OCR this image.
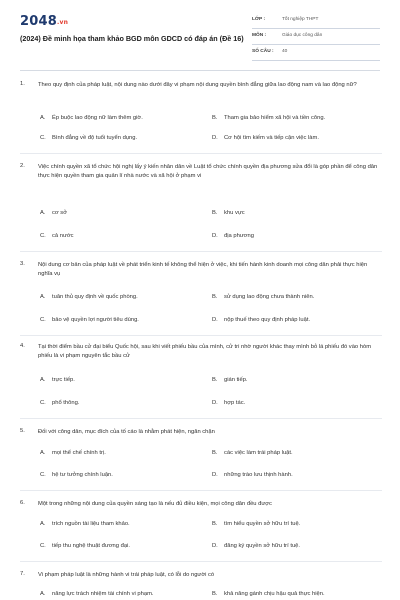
2048.vn
(2024) Đề minh họa tham khảo BGD môn GDCD có đáp án (Đề 16)
LỚP :	Tốt nghiệp THPT
MÔN :	Giáo dục công dân
SỐ CÂU : 40
1. Theo quy định của pháp luật, nội dung nào dưới đây vi phạm nội dung quyền bình đẳng giữa lao động nam và lao động nữ?
A. Ép buộc lao động nữ làm thêm giờ.	B. Tham gia bảo hiểm xã hội và tiền công.
C. Bình đẳng về độ tuổi tuyển dụng.	D. Cơ hội tìm kiếm và tiếp cận việc làm.
2. Việc chính quyền xã tổ chức hội nghị lấy ý kiến nhân dân về Luật tổ chức chính quyền địa phương sửa đổi là góp phần để công dân thực hiện quyền tham gia quản lí nhà nước và xã hội ở phạm vi
A. cơ sở	B. khu vực
C. cả nước	D. địa phương
3. Nội dung cơ bản của pháp luật về phát triển kinh tế không thể hiện ở việc, khi tiến hành kinh doanh mọi công dân phải thực hiện nghĩa vụ
A. tuân thủ quy định về quốc phòng.	B. sử dụng lao động chưa thành niên.
C. bảo vệ quyền lợi người tiêu dùng.	D. nộp thuế theo quy định pháp luật.
4. Tại thời điểm bầu cử đại biểu Quốc hội, sau khi viết phiếu bầu của mình, cử tri nhờ người khác thay mình bỏ lá phiếu đó vào hòm phiếu là vi phạm nguyên tắc bầu cử
A. trực tiếp.	B. gián tiếp.
C. phổ thông.	D. hợp tác.
5. Đối với công dân, mục đích của tố cáo là nhằm phát hiện, ngăn chặn
A. mọi thể chế chính trị.	B. các việc làm trái pháp luật.
C. hệ tư tưởng chính luận.	D. những trào lưu thịnh hành.
6. Một trong những nội dung của quyền sáng tạo là nếu đủ điều kiện, mọi công dân đều được
A. trích nguồn tài liệu tham khảo.	B. tìm hiểu quyền sở hữu trí tuệ.
C. tiếp thu nghệ thuật đương đại.	D. đăng ký quyền sở hữu trí tuệ.
7. Vi phạm pháp luật là những hành vi trái pháp luật, có lỗi do người có
A. năng lực trách nhiệm tài chính vi phạm.	B. khả năng gánh chịu hậu quả thực hiện.
